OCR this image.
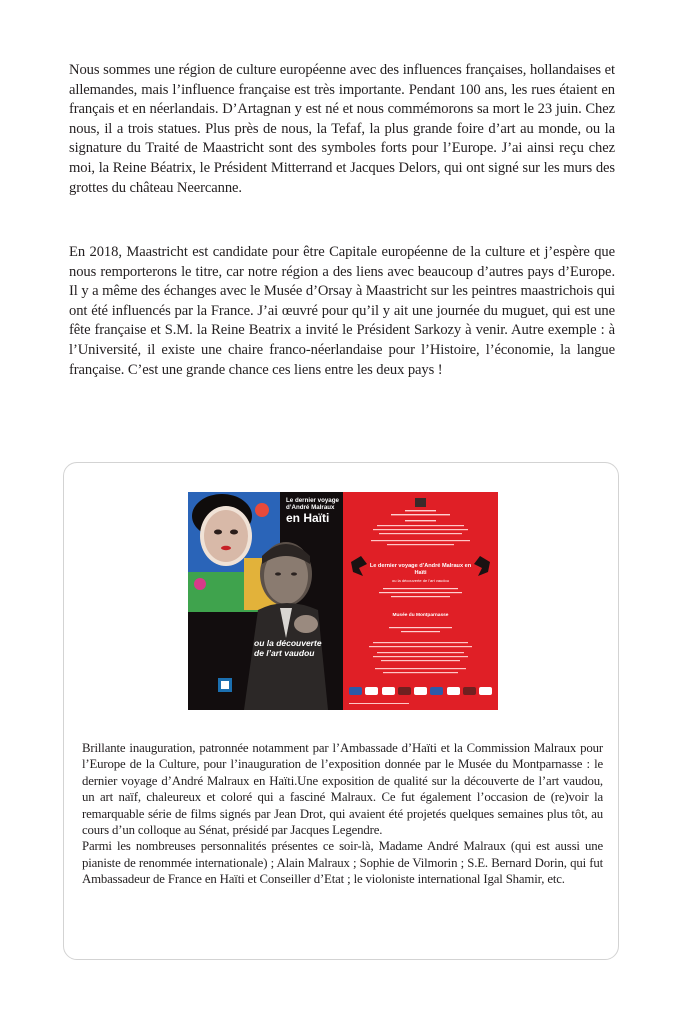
Nous sommes une région de culture européenne avec des influences françaises, hollandaises et allemandes, mais l’influence française est très importante. Pendant 100 ans, les rues étaient en français et en néerlandais. D’Artagnan y est né et nous commémorons sa mort le 23 juin. Chez nous, il a trois statues. Plus près de nous, la Tefaf, la plus grande foire d’art au monde, ou la signature du Traité de Maastricht sont des symboles forts pour l’Europe. J’ai ainsi reçu chez moi, la Reine Béatrix, le Président Mitterrand et Jacques Delors, qui ont signé sur les murs des grottes du château Neercanne.

En 2018, Maastricht est candidate pour être Capitale européenne de la culture et j’espère que nous remporterons le titre, car notre région a des liens avec beaucoup d’autres pays d’Europe. Il y a même des échanges avec le Musée d’Orsay à Maastricht sur les peintres maastrichois qui ont été influencés par la France. J’ai œuvré pour qu’il y ait une journée du muguet, qui est une fête française et S.M. la Reine Beatrix a invité le Président Sarkozy à venir. Autre exemple : à l’Université, il existe une chaire franco-néerlandaise pour l’Histoire, l’économie, la langue française. C’est une grande chance ces liens entre les deux pays !

Le dernier voyage
d’André Malraux
en Haïti
ou la découverte
de l’art vaudou
Le dernier voyage d’André Malraux en Haïti
ou la découverte de l’art vaudou
Musée du Montparnasse
Brillante inauguration, patronnée notamment par l’Ambassade d’Haïti et la Commission Malraux pour l’Europe de la Culture, pour l’inauguration de l’exposition donnée par le Musée du Montparnasse : le dernier voyage d’André Malraux en Haïti.Une exposition de qualité sur la découverte de l’art vaudou, un art naïf, chaleureux et coloré qui a fasciné Malraux. Ce fut également l’occasion de (re)voir la remarquable série de films signés par Jean Drot, qui avaient été projetés quelques semaines plus tôt, au cours d’un colloque au Sénat, présidé par Jacques Legendre.
Parmi les nombreuses personnalités présentes ce soir-là, Madame André Malraux (qui est aussi une pianiste de renommée internationale) ; Alain Malraux ; Sophie de Vilmorin ; S.E. Bernard Dorin, qui fut Ambassadeur de France en Haïti et Conseiller d’Etat ; le violoniste international Igal Shamir, etc.
